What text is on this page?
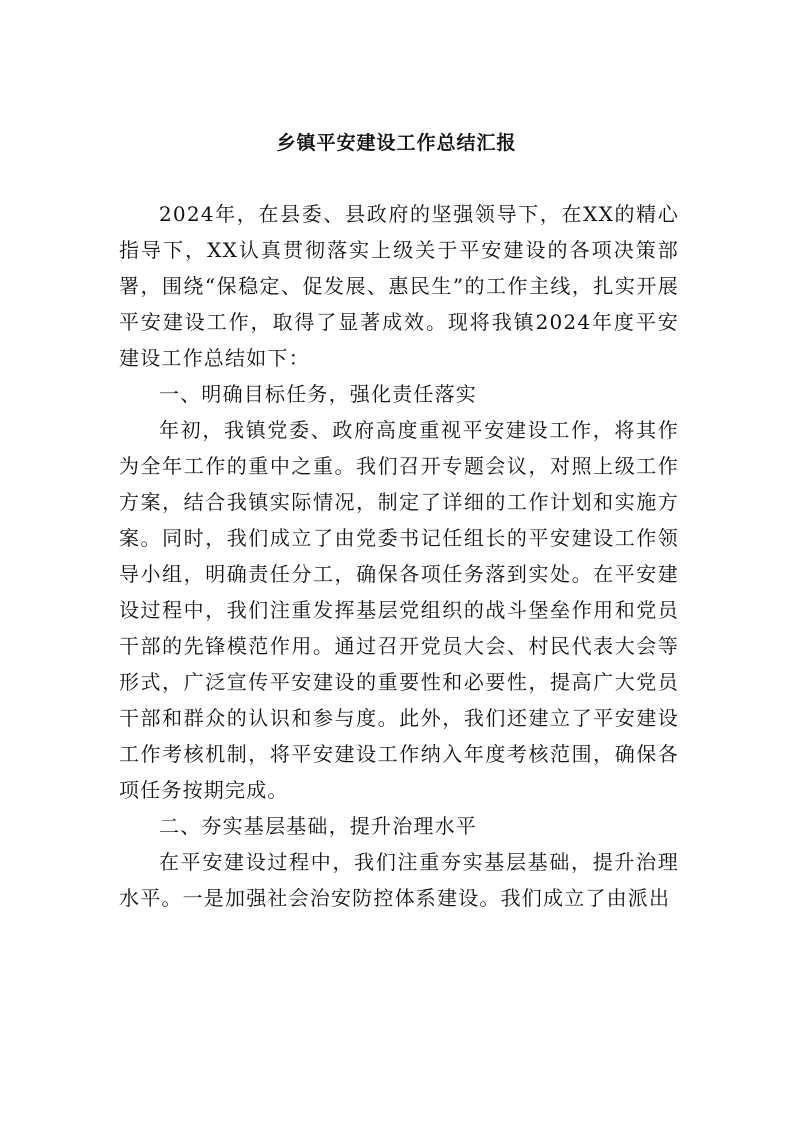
乡镇平安建设工作总结汇报

2024年，在县委、县政府的坚强领导下，在XX的精心指导下，XX认真贯彻落实上级关于平安建设的各项决策部署，围绕“保稳定、促发展、惠民生”的工作主线，扎实开展平安建设工作，取得了显著成效。现将我镇2024年度平安建设工作总结如下：

一、明确目标任务，强化责任落实

年初，我镇党委、政府高度重视平安建设工作，将其作为全年工作的重中之重。我们召开专题会议，对照上级工作方案，结合我镇实际情况，制定了详细的工作计划和实施方案。同时，我们成立了由党委书记任组长的平安建设工作领导小组，明确责任分工，确保各项任务落到实处。在平安建设过程中，我们注重发挥基层党组织的战斗堡垒作用和党员干部的先锋模范作用。通过召开党员大会、村民代表大会等形式，广泛宣传平安建设的重要性和必要性，提高广大党员干部和群众的认识和参与度。此外，我们还建立了平安建设工作考核机制，将平安建设工作纳入年度考核范围，确保各项任务按期完成。

二、夯实基层基础，提升治理水平

在平安建设过程中，我们注重夯实基层基础，提升治理水平。一是加强社会治安防控体系建设。我们成立了由派出
